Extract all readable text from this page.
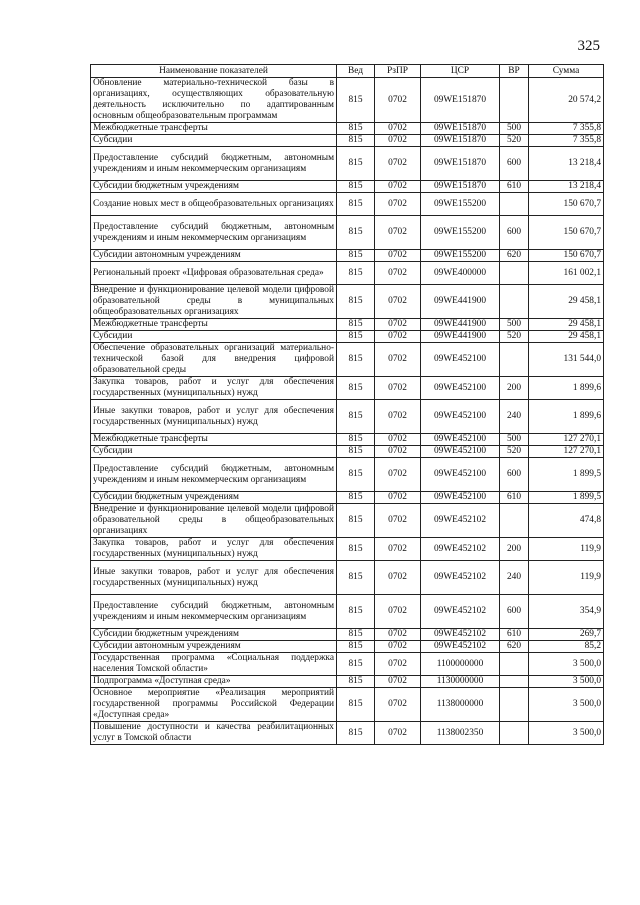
325
Наименование показателей	Вед	РзПР	ЦСР	ВР	Сумма
Обновление материально-технической базы в организациях, осуществляющих образовательную деятельность исключительно по адаптированным основным общеобразовательным программам	815	0702	09WE151870		20 574,2
Межбюджетные трансферты	815	0702	09WE151870	500	7 355,8
Субсидии	815	0702	09WE151870	520	7 355,8
Предоставление субсидий бюджетным, автономным учреждениям и иным некоммерческим организациям	815	0702	09WE151870	600	13 218,4
Субсидии бюджетным учреждениям	815	0702	09WE151870	610	13 218,4
Создание новых мест в общеобразовательных организациях	815	0702	09WE155200		150 670,7
Предоставление субсидий бюджетным, автономным учреждениям и иным некоммерческим организациям	815	0702	09WE155200	600	150 670,7
Субсидии автономным учреждениям	815	0702	09WE155200	620	150 670,7
Региональный проект «Цифровая образовательная среда»	815	0702	09WE400000		161 002,1
Внедрение и функционирование целевой модели цифровой образовательной среды в муниципальных общеобразовательных организациях	815	0702	09WE441900		29 458,1
Межбюджетные трансферты	815	0702	09WE441900	500	29 458,1
Субсидии	815	0702	09WE441900	520	29 458,1
Обеспечение образовательных организаций материально-технической базой для внедрения цифровой образовательной среды	815	0702	09WE452100		131 544,0
Закупка товаров, работ и услуг для обеспечения государственных (муниципальных) нужд	815	0702	09WE452100	200	1 899,6
Иные закупки товаров, работ и услуг для обеспечения государственных (муниципальных) нужд	815	0702	09WE452100	240	1 899,6
Межбюджетные трансферты	815	0702	09WE452100	500	127 270,1
Субсидии	815	0702	09WE452100	520	127 270,1
Предоставление субсидий бюджетным, автономным учреждениям и иным некоммерческим организациям	815	0702	09WE452100	600	1 899,5
Субсидии бюджетным учреждениям	815	0702	09WE452100	610	1 899,5
Внедрение и функционирование целевой модели цифровой образовательной среды в общеобразовательных организациях	815	0702	09WE452102		474,8
Закупка товаров, работ и услуг для обеспечения государственных (муниципальных) нужд	815	0702	09WE452102	200	119,9
Иные закупки товаров, работ и услуг для обеспечения государственных (муниципальных) нужд	815	0702	09WE452102	240	119,9
Предоставление субсидий бюджетным, автономным учреждениям и иным некоммерческим организациям	815	0702	09WE452102	600	354,9
Субсидии бюджетным учреждениям	815	0702	09WE452102	610	269,7
Субсидии автономным учреждениям	815	0702	09WE452102	620	85,2
Государственная программа «Социальная поддержка населения Томской области»	815	0702	1100000000		3 500,0
Подпрограмма «Доступная среда»	815	0702	1130000000		3 500,0
Основное мероприятие «Реализация мероприятий государственной программы Российской Федерации «Доступная среда»	815	0702	1138000000		3 500,0
Повышение доступности и качества реабилитационных услуг в Томской области	815	0702	1138002350		3 500,0
